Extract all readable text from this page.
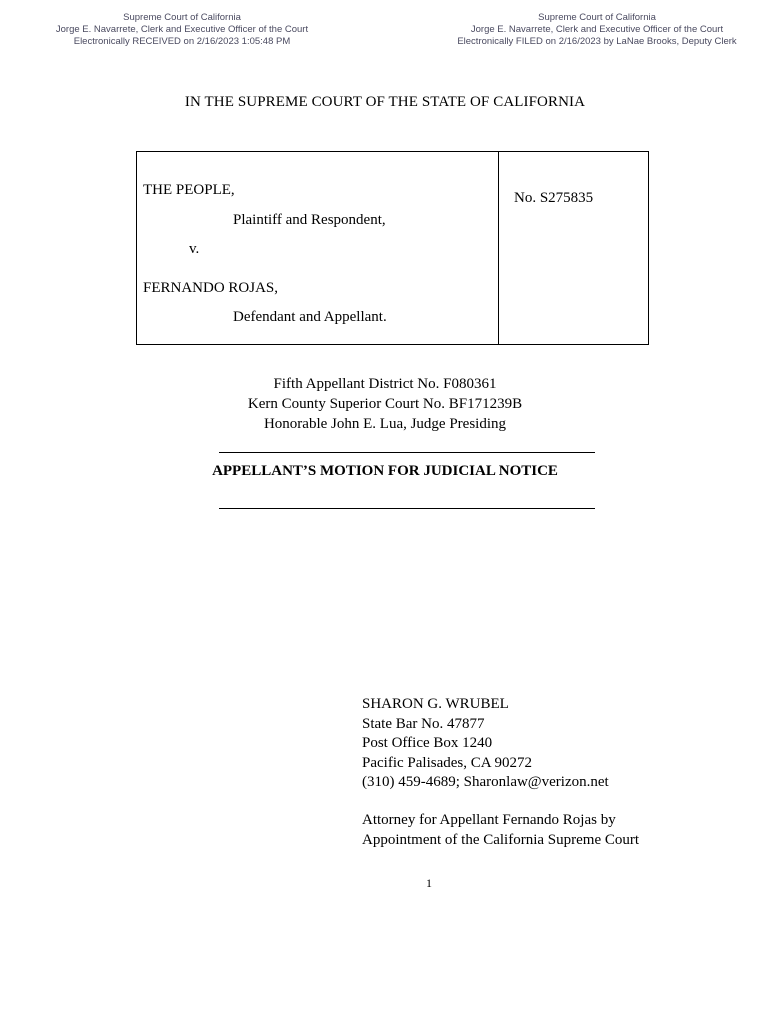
Supreme Court of California
Jorge E. Navarrete, Clerk and Executive Officer of the Court
Electronically RECEIVED on 2/16/2023 1:05:48 PM
Supreme Court of California
Jorge E. Navarrete, Clerk and Executive Officer of the Court
Electronically FILED on 2/16/2023 by LaNae Brooks, Deputy Clerk
IN THE SUPREME COURT OF THE STATE OF CALIFORNIA
THE PEOPLE,
Plaintiff and Respondent,
v.
FERNANDO ROJAS,
Defendant and Appellant.
No. S275835
Fifth Appellant District No. F080361
Kern County Superior Court No. BF171239B
Honorable John E. Lua, Judge Presiding
APPELLANT’S MOTION FOR JUDICIAL NOTICE
SHARON G. WRUBEL
State Bar No. 47877
Post Office Box 1240
Pacific Palisades, CA 90272
(310) 459-4689; Sharonlaw@verizon.net
Attorney for Appellant Fernando Rojas by
Appointment of the California Supreme Court
1
